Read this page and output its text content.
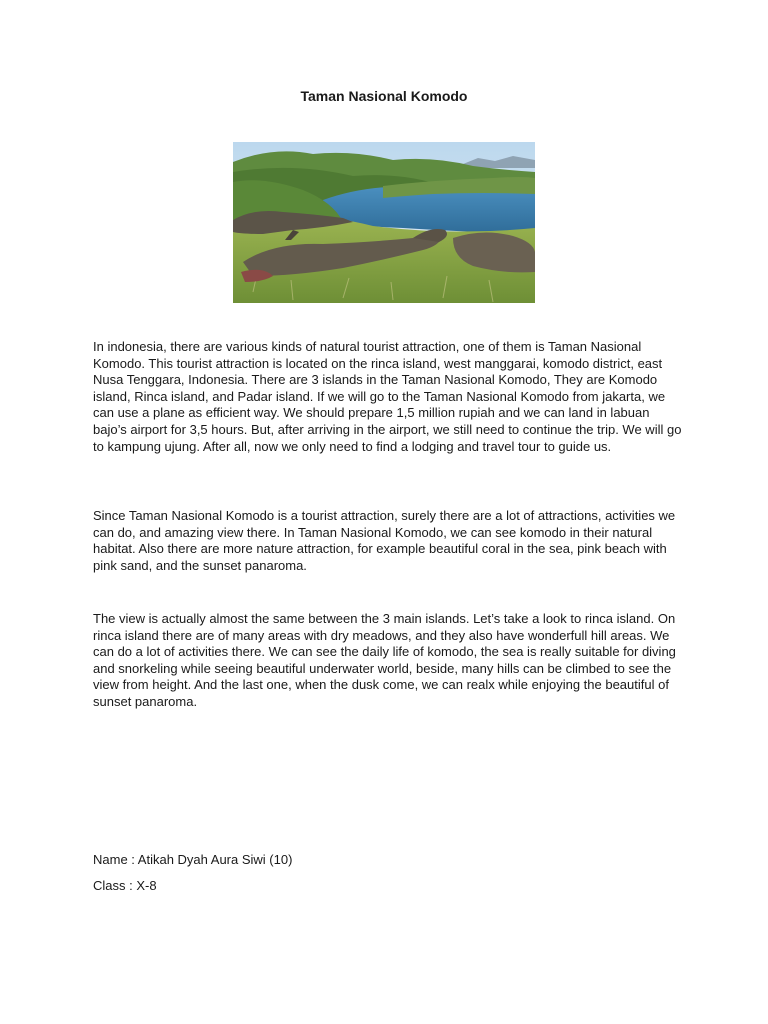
Taman Nasional Komodo

In indonesia, there are various kinds of natural tourist attraction, one of them is Taman Nasional Komodo. This tourist attraction is located on the rinca island, west manggarai, komodo district, east Nusa Tenggara, Indonesia. There are 3 islands in the Taman Nasional Komodo, They are Komodo island, Rinca island, and Padar island. If we will go to the Taman Nasional Komodo from jakarta, we can use a plane as efficient way. We should prepare 1,5 million rupiah and we can land in labuan bajo’s airport for 3,5 hours. But, after arriving in the airport, we still need to continue the trip. We will go to kampung ujung. After all, now we only need to find a lodging and travel tour to guide us.

Since Taman Nasional Komodo is a tourist attraction, surely there are a lot of attractions, activities we can do, and amazing view there. In Taman Nasional Komodo, we can see komodo in their natural habitat. Also there are more nature attraction, for example beautiful coral in the sea, pink beach with pink sand, and the sunset panaroma.

The view is actually almost the same between the 3 main islands. Let’s take a look to rinca island. On rinca island there are of many areas with dry meadows, and they also have wonderfull hill areas. We can do a lot of activities there. We can see the daily life of komodo, the sea is really suitable for diving and snorkeling while seeing beautiful underwater world, beside, many hills can be climbed to see the view from height. And the last one, when the dusk come, we can realx while enjoying the beautiful of sunset panaroma.

Name : Atikah Dyah Aura Siwi (10)

Class : X-8
